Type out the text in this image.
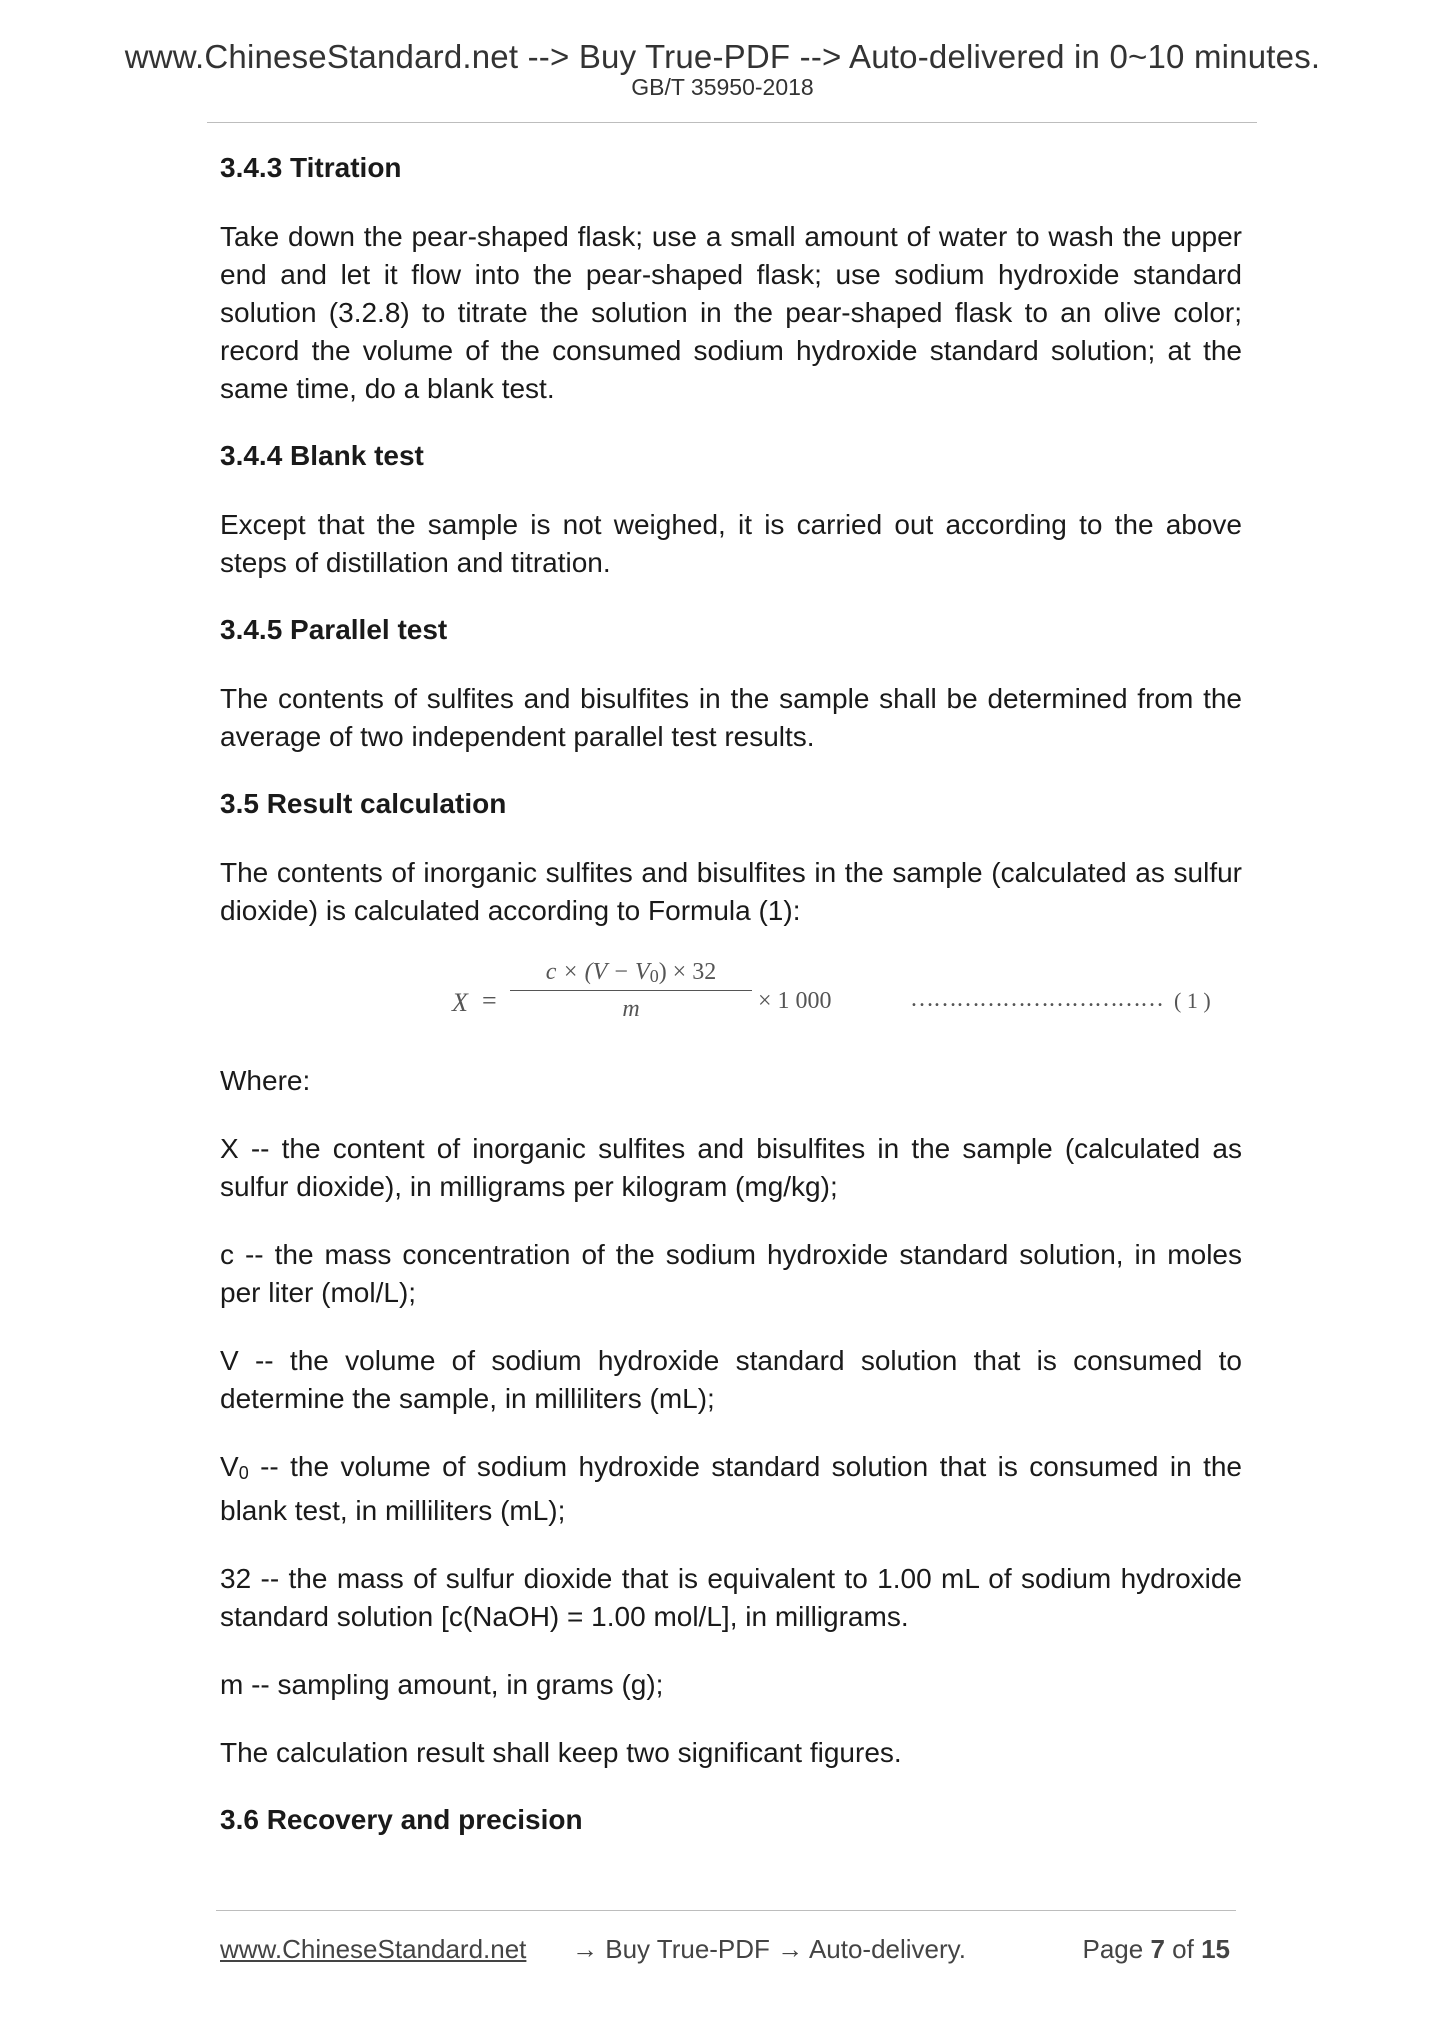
www.ChineseStandard.net --> Buy True-PDF --> Auto-delivered in 0~10 minutes.
GB/T 35950-2018
3.4.3 Titration

Take down the pear-shaped flask; use a small amount of water to wash the upper end and let it flow into the pear-shaped flask; use sodium hydroxide standard solution (3.2.8) to titrate the solution in the pear-shaped flask to an olive color; record the volume of the consumed sodium hydroxide standard solution; at the same time, do a blank test.

3.4.4 Blank test

Except that the sample is not weighed, it is carried out according to the above steps of distillation and titration.

3.4.5 Parallel test

The contents of sulfites and bisulfites in the sample shall be determined from the average of two independent parallel test results.

3.5 Result calculation

The contents of inorganic sulfites and bisulfites in the sample (calculated as sulfur dioxide) is calculated according to Formula (1):

X =
$c \times (V - V_0) \times 32$
m	× 1 000	…………………………… ( 1 )

Where:

X -- the content of inorganic sulfites and bisulfites in the sample (calculated as sulfur dioxide), in milligrams per kilogram (mg/kg);

c -- the mass concentration of the sodium hydroxide standard solution, in moles per liter (mol/L);

V -- the volume of sodium hydroxide standard solution that is consumed to determine the sample, in milliliters (mL);

$V_0$ -- the volume of sodium hydroxide standard solution that is consumed in the blank test, in milliliters (mL);

32 -- the mass of sulfur dioxide that is equivalent to 1.00 mL of sodium hydroxide standard solution [c(NaOH) = 1.00 mol/L], in milligrams.

m -- sampling amount, in grams (g);

The calculation result shall keep two significant figures.

3.6 Recovery and precision
www.ChineseStandard.net → Buy True-PDF → Auto-delivery.	Page 7 of 15
